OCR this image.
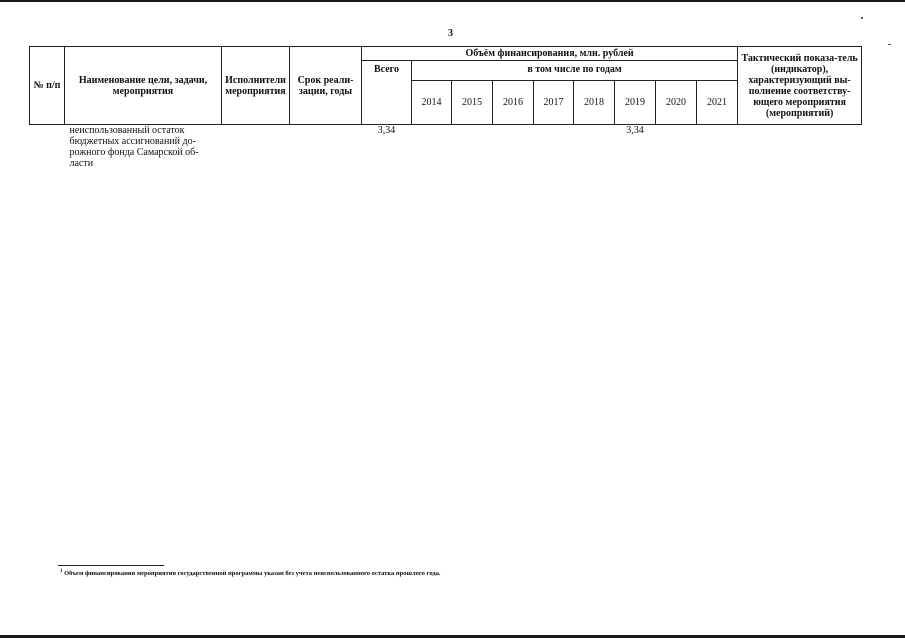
3
№ п/п	Наименование цели, задачи, мероприятия	Исполнители мероприятия	Срок реали-зации, годы	Объём финансирования, млн. рублей									Тактический показа-тель (индикатор), характеризующий вы-полнение соответству-ющего мероприятия (мероприятий)
				Всего	в том числе по годам								
					2014	2015	2016	2017	2018	2019	2020	2021	
	неиспользованный остаток бюджетных ассигнований до-рожного фонда Самарской об-ласти			3,34						3,34			
$^1$ Объем финансирования мероприятия государственной программы указан без учета неиспользованного остатка прошлого года.
